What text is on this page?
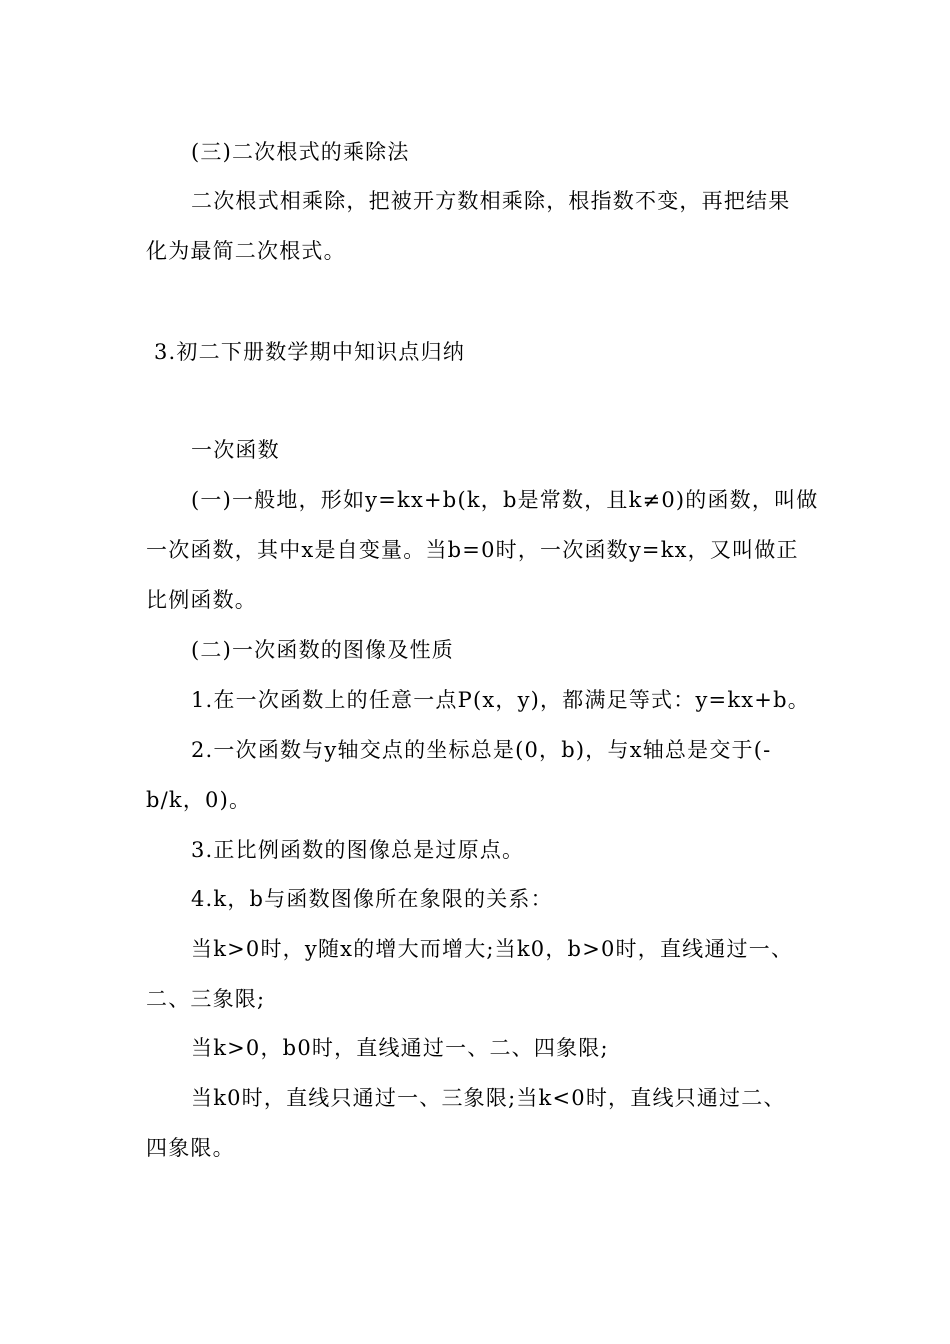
(三)二次根式的乘除法
二次根式相乘除，把被开方数相乘除，根指数不变，再把结果
化为最简二次根式。
3.初二下册数学期中知识点归纳
一次函数
(一)一般地，形如y=kx+b(k，b是常数，且k≠0)的函数，叫做
一次函数，其中x是自变量。当b=0时，一次函数y=kx，又叫做正
比例函数。
(二)一次函数的图像及性质
1.在一次函数上的任意一点P(x，y)，都满足等式：y=kx+b。
2.一次函数与y轴交点的坐标总是(0，b)，与x轴总是交于(-
b/k，0)。
3.正比例函数的图像总是过原点。
4.k，b与函数图像所在象限的关系：
当k>0时，y随x的增大而增大;当k0，b>0时，直线通过一、
二、三象限;
当k>0，b0时，直线通过一、二、四象限;
当k0时，直线只通过一、三象限;当k<0时，直线只通过二、
四象限。
